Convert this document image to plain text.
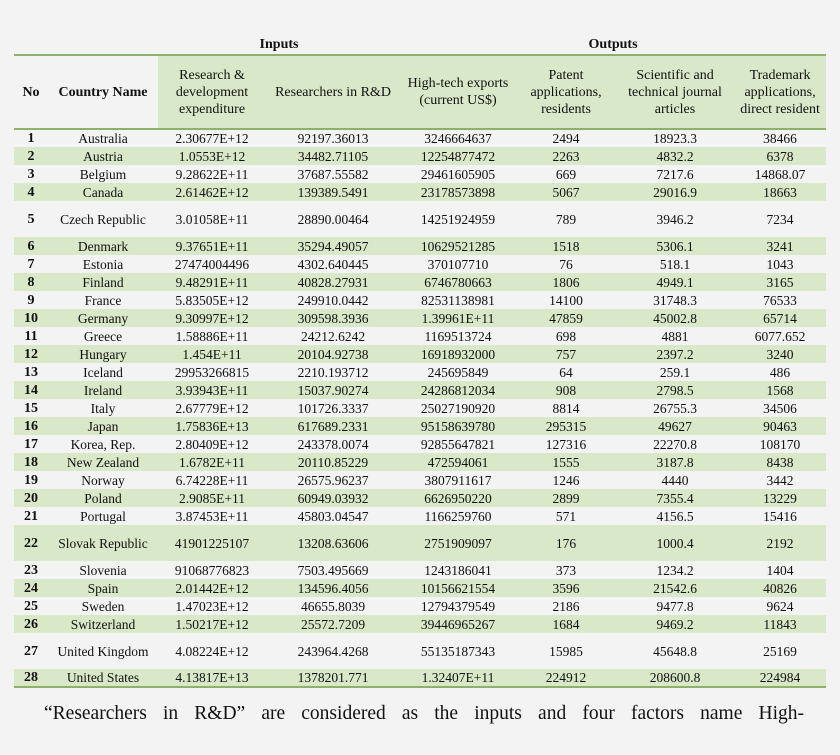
		Inputs		Outputs			
No	Country Name	Research & development expenditure	Researchers in R&D	High-tech exports (current US$)	Patent applications, residents	Scientific and technical journal articles	Trademark applications, direct resident
1	Australia	2.30677E+12	92197.36013	3246664637	2494	18923.3	38466
2	Austria	1.0553E+12	34482.71105	12254877472	2263	4832.2	6378
3	Belgium	9.28622E+11	37687.55582	29461605905	669	7217.6	14868.07
4	Canada	2.61462E+12	139389.5491	23178573898	5067	29016.9	18663
5	Czech Republic	3.01058E+11	28890.00464	14251924959	789	3946.2	7234
6	Denmark	9.37651E+11	35294.49057	10629521285	1518	5306.1	3241
7	Estonia	27474004496	4302.640445	370107710	76	518.1	1043
8	Finland	9.48291E+11	40828.27931	6746780663	1806	4949.1	3165
9	France	5.83505E+12	249910.0442	82531138981	14100	31748.3	76533
10	Germany	9.30997E+12	309598.3936	1.39961E+11	47859	45002.8	65714
11	Greece	1.58886E+11	24212.6242	1169513724	698	4881	6077.652
12	Hungary	1.454E+11	20104.92738	16918932000	757	2397.2	3240
13	Iceland	29953266815	2210.193712	245695849	64	259.1	486
14	Ireland	3.93943E+11	15037.90274	24286812034	908	2798.5	1568
15	Italy	2.67779E+12	101726.3337	25027190920	8814	26755.3	34506
16	Japan	1.75836E+13	617689.2331	95158639780	295315	49627	90463
17	Korea, Rep.	2.80409E+12	243378.0074	92855647821	127316	22270.8	108170
18	New Zealand	1.6782E+11	20110.85229	472594061	1555	3187.8	8438
19	Norway	6.74228E+11	26575.96237	3807911617	1246	4440	3442
20	Poland	2.9085E+11	60949.03932	6626950220	2899	7355.4	13229
21	Portugal	3.87453E+11	45803.04547	1166259760	571	4156.5	15416
22	Slovak Republic	41901225107	13208.63606	2751909097	176	1000.4	2192
23	Slovenia	91068776823	7503.495669	1243186041	373	1234.2	1404
24	Spain	2.01442E+12	134596.4056	10156621554	3596	21542.6	40826
25	Sweden	1.47023E+12	46655.8039	12794379549	2186	9477.8	9624
26	Switzerland	1.50217E+12	25572.7209	39446965267	1684	9469.2	11843
27	United Kingdom	4.08224E+12	243964.4268	55135187343	15985	45648.8	25169
28	United States	4.13817E+13	1378201.771	1.32407E+11	224912	208600.8	224984
“Researchers in R&D” are considered as the inputs and four factors name High-
